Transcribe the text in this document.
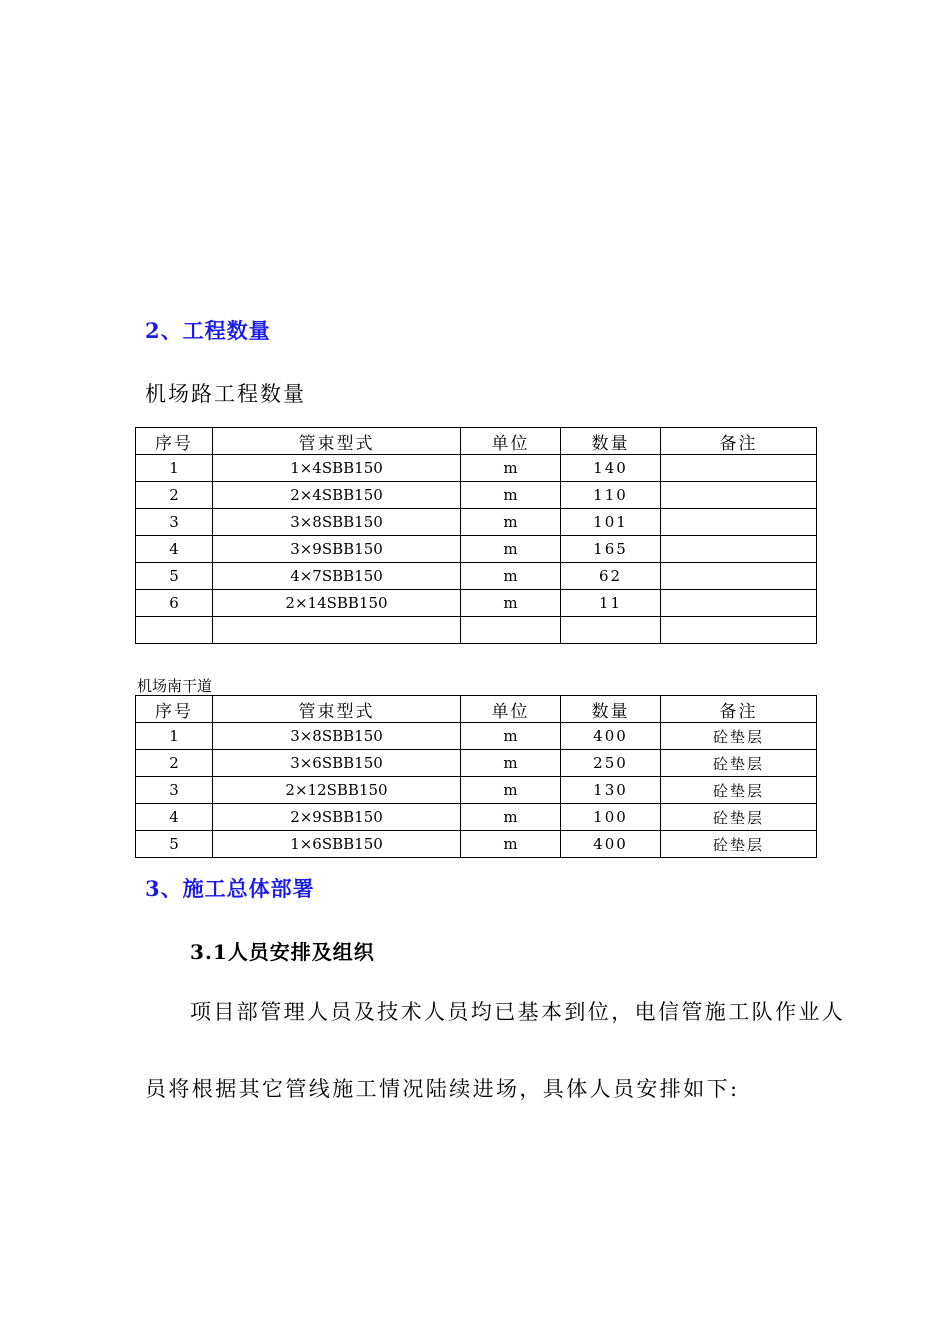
2、工程数量

机场路工程数量

序号	管束型式	单位	数量	备注
1	1×4SBB150	m	140	
2	2×4SBB150	m	110	
3	3×8SBB150	m	101	
4	3×9SBB150	m	165	
5	4×7SBB150	m	62	
6	2×14SBB150	m	11	

机场南干道

序号	管束型式	单位	数量	备注
1	3×8SBB150	m	400	砼垫层
2	3×6SBB150	m	250	砼垫层
3	2×12SBB150	m	130	砼垫层
4	2×9SBB150	m	100	砼垫层
5	1×6SBB150	m	400	砼垫层
3、施工总体部署
3.1人员安排及组织

项目部管理人员及技术人员均已基本到位，电信管施工队作业人

员将根据其它管线施工情况陆续进场，具体人员安排如下:
